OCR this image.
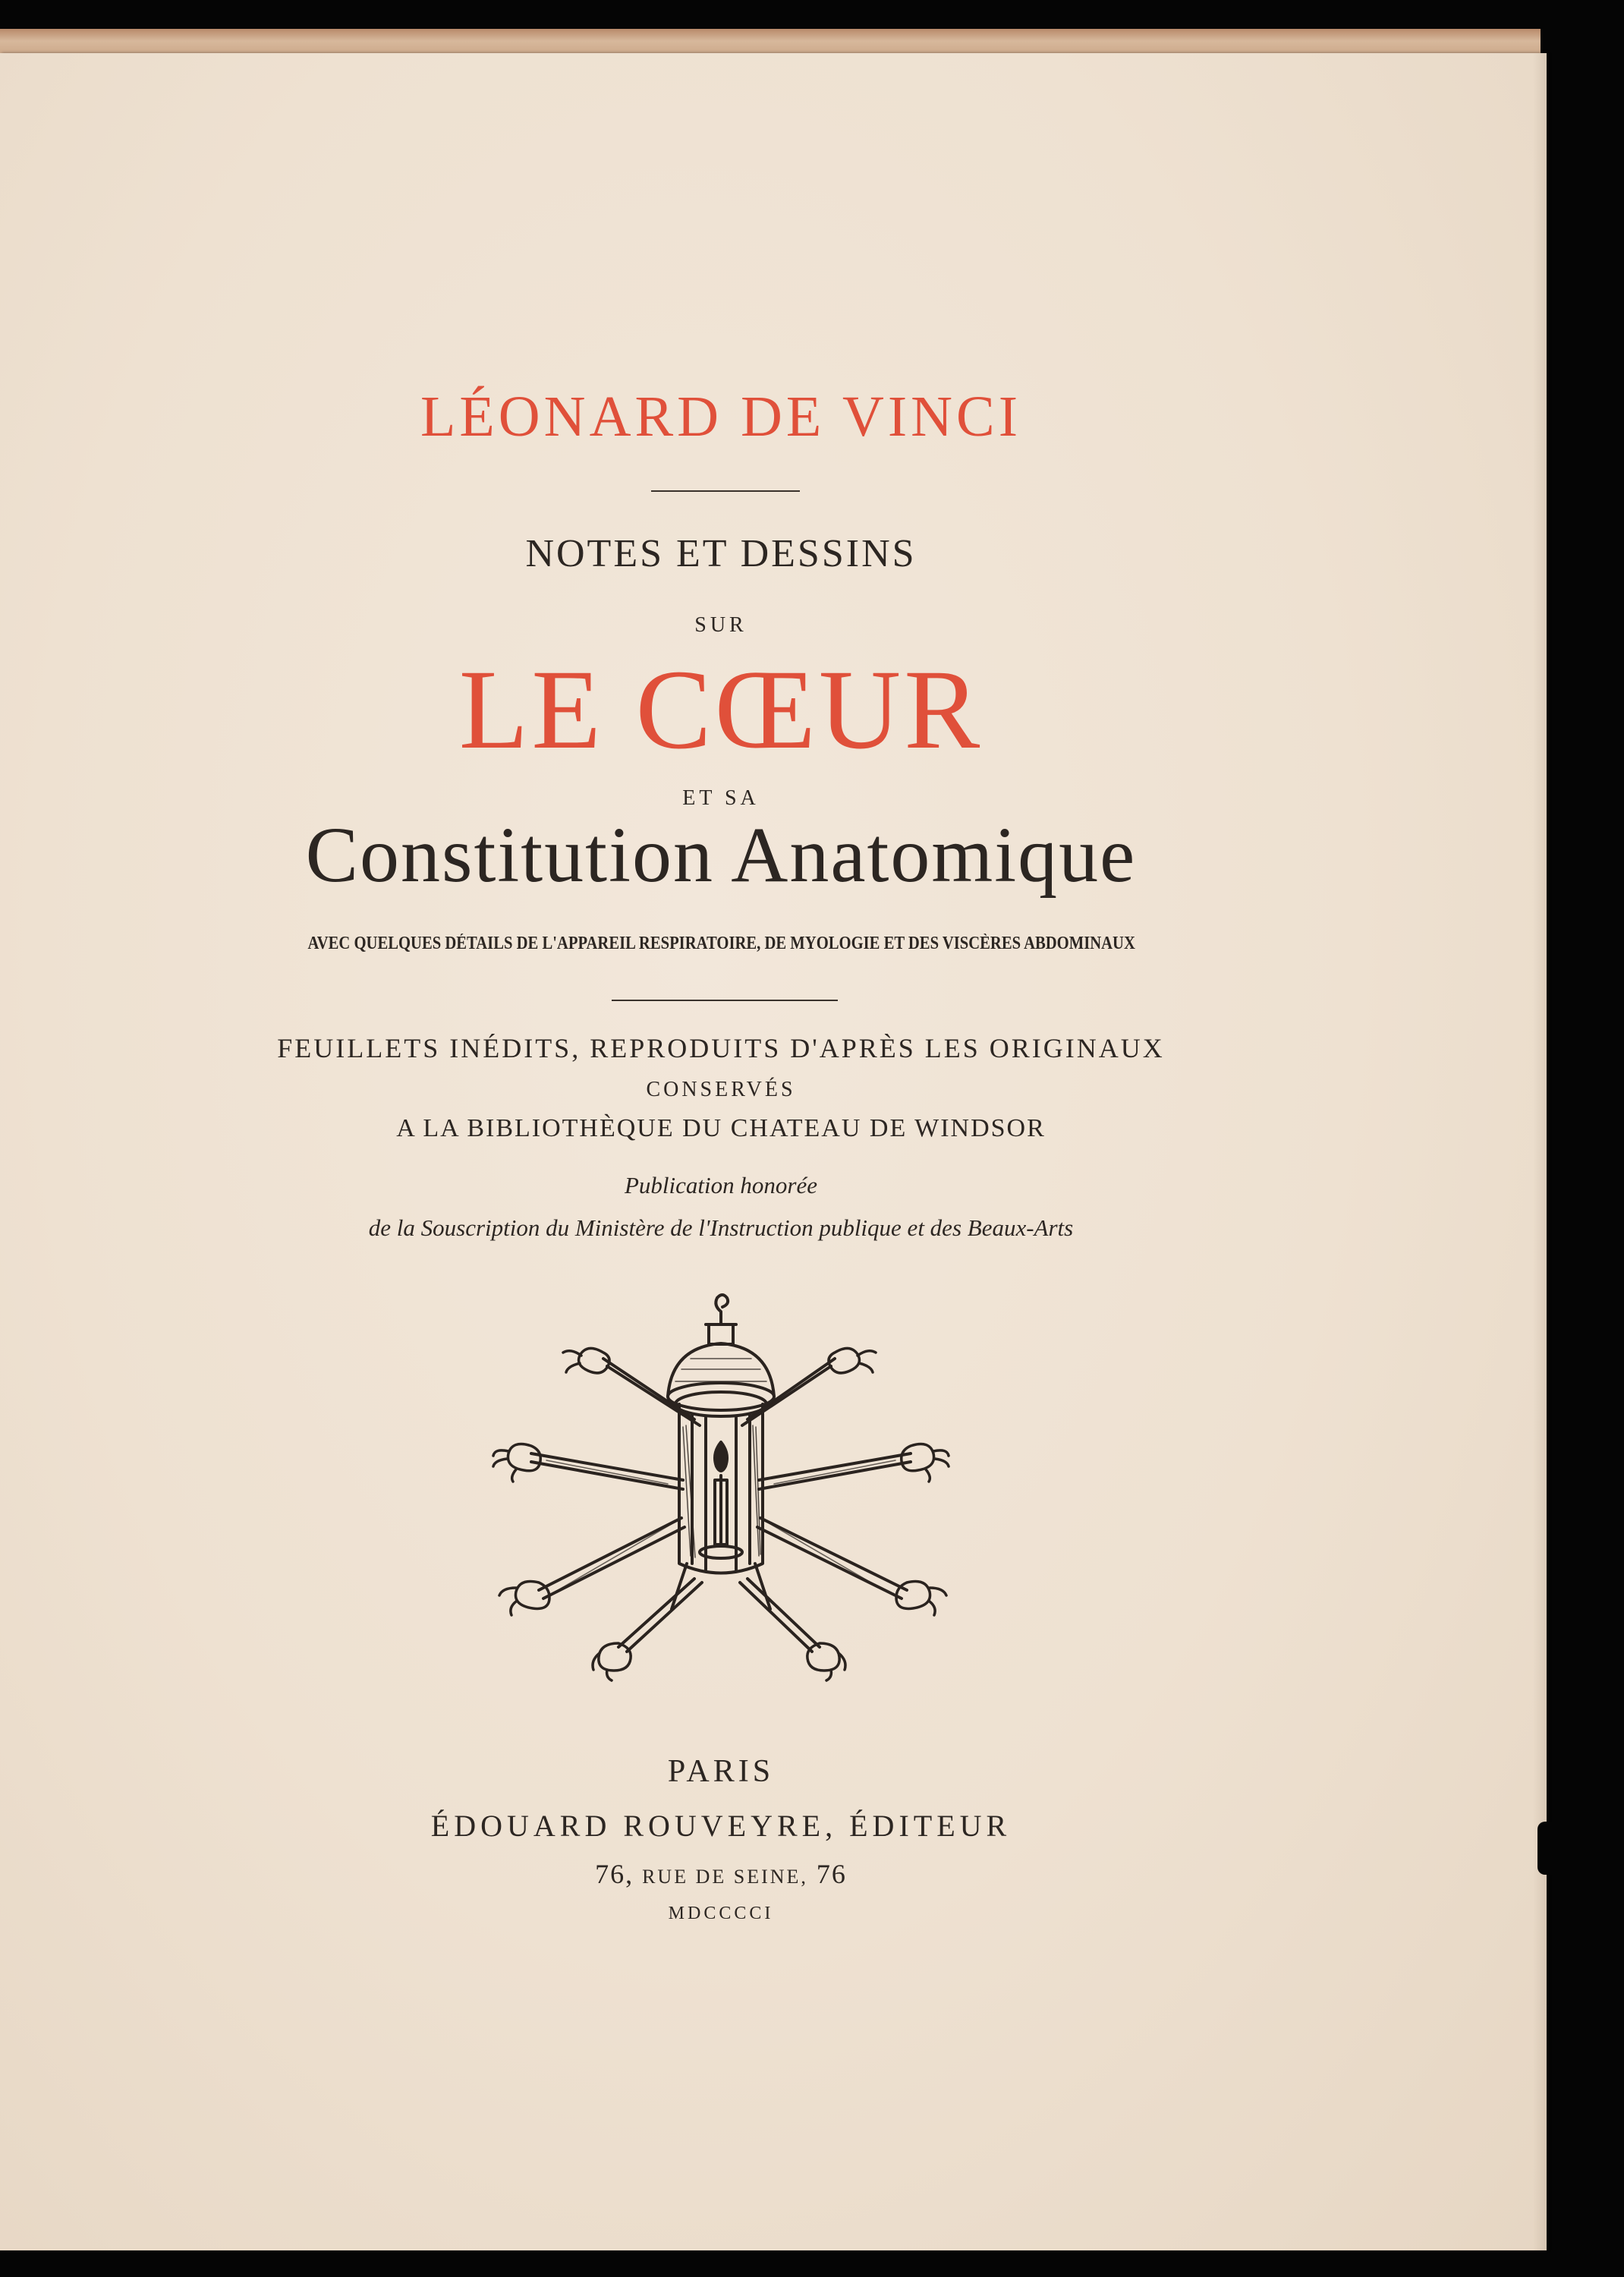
LÉONARD DE VINCI
NOTES ET DESSINS
SUR
LE CŒUR
ET SA
Constitution Anatomique
AVEC QUELQUES DÉTAILS DE L'APPAREIL RESPIRATOIRE, DE MYOLOGIE ET DES VISCÈRES ABDOMINAUX
FEUILLETS INÉDITS, REPRODUITS D'APRÈS LES ORIGINAUX
CONSERVÉS
A LA BIBLIOTHÈQUE DU CHATEAU DE WINDSOR
Publication honorée
de la Souscription du Ministère de l'Instruction publique et des Beaux-Arts
PARIS
ÉDOUARD ROUVEYRE, ÉDITEUR
76, RUE DE SEINE, 76
MDCCCCI
